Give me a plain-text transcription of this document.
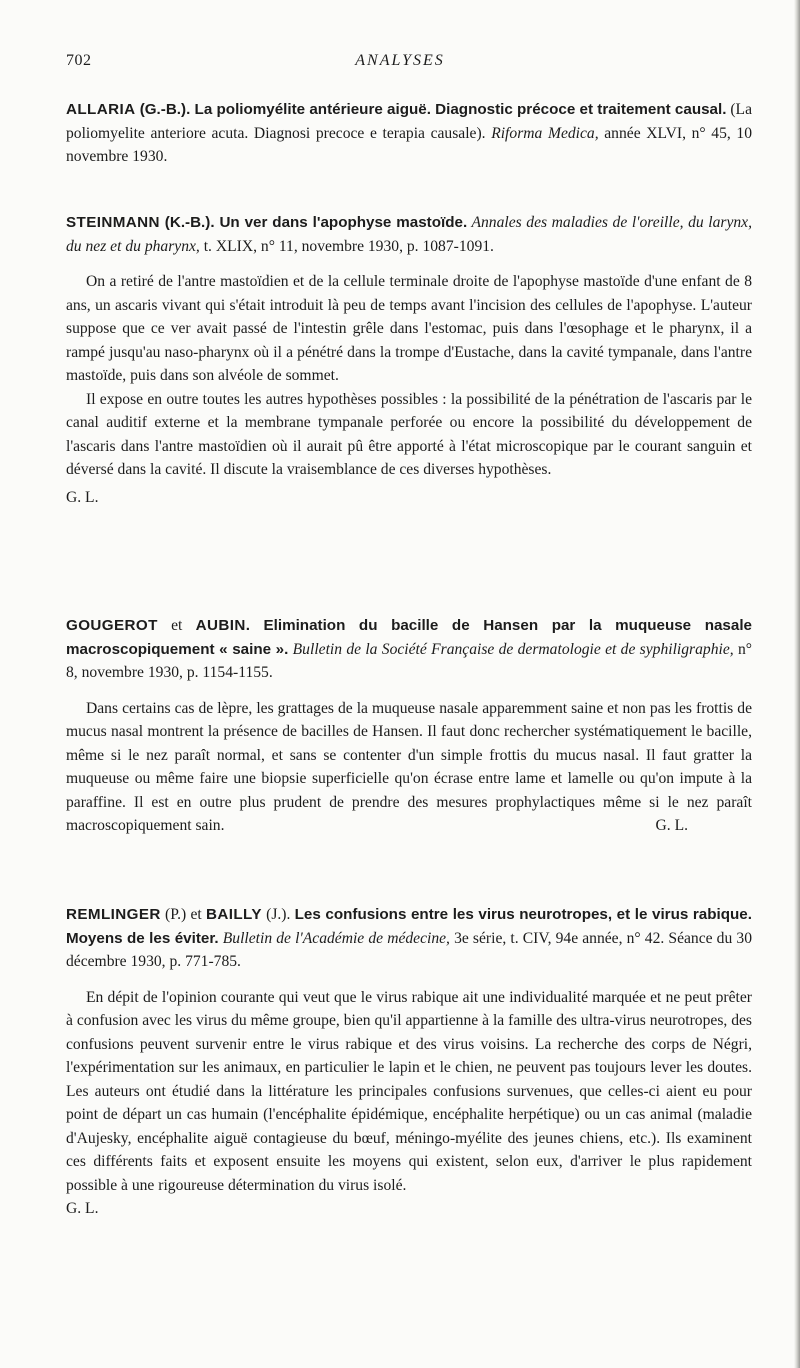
702	ANALYSES

ALLARIA (G.-B.). La poliomyélite antérieure aiguë. Diagnostic précoce et traitement causal. (La poliomyelite anteriore acuta. Diagnosi precoce e terapia causale). Riforma Medica, année XLVI, n° 45, 10 novembre 1930.

STEINMANN (K.-B.). Un ver dans l'apophyse mastoïde. Annales des maladies de l'oreille, du larynx, du nez et du pharynx, t. XLIX, n° 11, novembre 1930, p. 1087-1091.

On a retiré de l'antre mastoïdien et de la cellule terminale droite de l'apophyse mastoïde d'une enfant de 8 ans, un ascaris vivant qui s'était introduit là peu de temps avant l'incision des cellules de l'apophyse. L'auteur suppose que ce ver avait passé de l'intestin grêle dans l'estomac, puis dans l'œsophage et le pharynx, il a rampé jusqu'au naso-pharynx où il a pénétré dans la trompe d'Eustache, dans la cavité tympanale, dans l'antre mastoïde, puis dans son alvéole de sommet.

Il expose en outre toutes les autres hypothèses possibles : la possibilité de la pénétration de l'ascaris par le canal auditif externe et la membrane tympanale perforée ou encore la possibilité du développement de l'ascaris dans l'antre mastoïdien où il aurait pû être apporté à l'état microscopique par le courant sanguin et déversé dans la cavité. Il discute la vraisemblance de ces diverses hypothèses.

G. L.

GOUGEROT et AUBIN. Elimination du bacille de Hansen par la muqueuse nasale macroscopiquement « saine ». Bulletin de la Société Française de dermatologie et de syphiligraphie, n° 8, novembre 1930, p. 1154-1155.

Dans certains cas de lèpre, les grattages de la muqueuse nasale apparemment saine et non pas les frottis de mucus nasal montrent la présence de bacilles de Hansen. Il faut donc rechercher systématiquement le bacille, même si le nez paraît normal, et sans se contenter d'un simple frottis du mucus nasal. Il faut gratter la muqueuse ou même faire une biopsie superficielle qu'on écrase entre lame et lamelle ou qu'on impute à la paraffine. Il est en outre plus prudent de prendre des mesures prophylactiques même si le nez paraît macroscopiquement sain.	G. L.

REMLINGER (P.) et BAILLY (J.). Les confusions entre les virus neurotropes, et le virus rabique. Moyens de les éviter. Bulletin de l'Académie de médecine, 3e série, t. CIV, 94e année, n° 42. Séance du 30 décembre 1930, p. 771-785.

En dépit de l'opinion courante qui veut que le virus rabique ait une individualité marquée et ne peut prêter à confusion avec les virus du même groupe, bien qu'il appartienne à la famille des ultra-virus neurotropes, des confusions peuvent survenir entre le virus rabique et des virus voisins. La recherche des corps de Négri, l'expérimentation sur les animaux, en particulier le lapin et le chien, ne peuvent pas toujours lever les doutes. Les auteurs ont étudié dans la littérature les principales confusions survenues, que celles-ci aient eu pour point de départ un cas humain (l'encéphalite épidémique, encéphalite herpétique) ou un cas animal (maladie d'Aujesky, encéphalite aiguë contagieuse du bœuf, méningo-myélite des jeunes chiens, etc.). Ils examinent ces différents faits et exposent ensuite les moyens qui existent, selon eux, d'arriver le plus rapidement possible à une rigoureuse détermination du virus isolé.

G. L.
